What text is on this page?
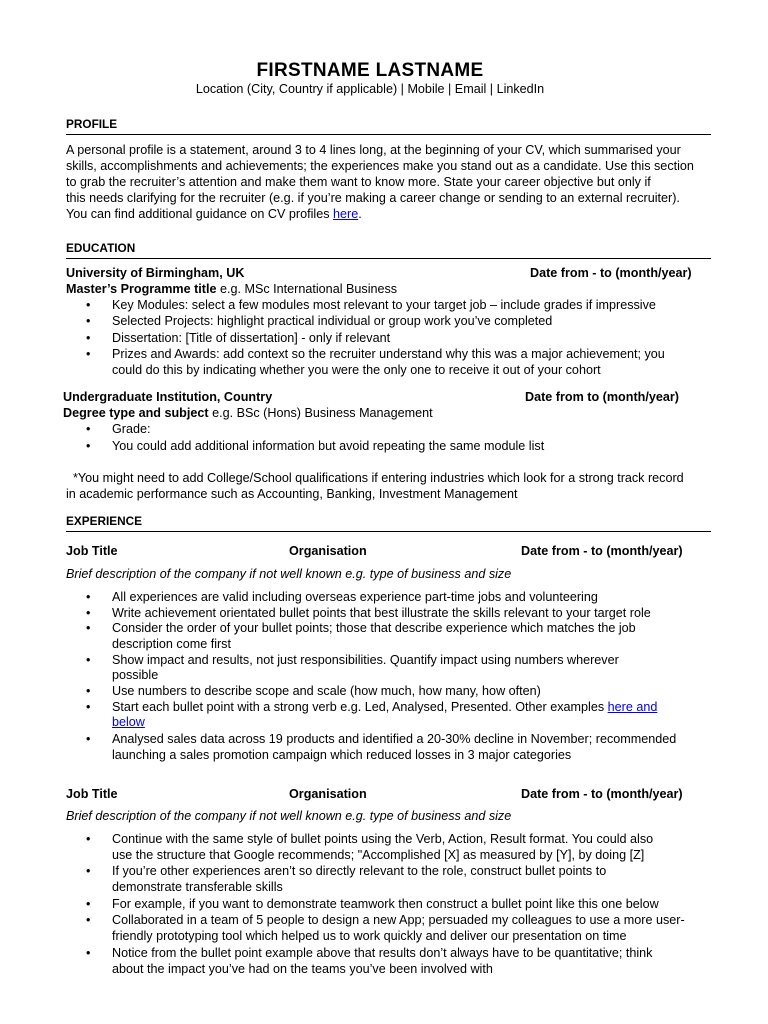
FIRSTNAME LASTNAME
Location (City, Country if applicable) | Mobile | Email | LinkedIn
PROFILE
A personal profile is a statement, around 3 to 4 lines long, at the beginning of your CV, which summarised your
skills, accomplishments and achievements; the experiences make you stand out as a candidate. Use this section
to grab the recruiter’s attention and make them want to know more. State your career objective but only if
this needs clarifying for the recruiter (e.g. if you’re making a career change or sending to an external recruiter).
You can find additional guidance on CV profiles here.
EDUCATION
University of Birmingham, UK	Date from - to (month/year)
Master’s Programme title e.g. MSc International Business
• Key Modules: select a few modules most relevant to your target job – include grades if impressive
• Selected Projects: highlight practical individual or group work you’ve completed
• Dissertation: [Title of dissertation] - only if relevant
• Prizes and Awards: add context so the recruiter understand why this was a major achievement; you
could do this by indicating whether you were the only one to receive it out of your cohort
Undergraduate Institution, Country	Date from to (month/year)
Degree type and subject e.g. BSc (Hons) Business Management
• Grade:
• You could add additional information but avoid repeating the same module list
*You might need to add College/School qualifications if entering industries which look for a strong track record
in academic performance such as Accounting, Banking, Investment Management
EXPERIENCE
Job Title	Organisation	Date from - to (month/year)
Brief description of the company if not well known e.g. type of business and size
• All experiences are valid including overseas experience part-time jobs and volunteering
• Write achievement orientated bullet points that best illustrate the skills relevant to your target role
• Consider the order of your bullet points; those that describe experience which matches the job
description come first
• Show impact and results, not just responsibilities. Quantify impact using numbers wherever
possible
• Use numbers to describe scope and scale (how much, how many, how often)
• Start each bullet point with a strong verb e.g. Led, Analysed, Presented. Other examples here and
below
• Analysed sales data across 19 products and identified a 20-30% decline in November; recommended
launching a sales promotion campaign which reduced losses in 3 major categories
Job Title	Organisation	Date from - to (month/year)
Brief description of the company if not well known e.g. type of business and size
• Continue with the same style of bullet points using the Verb, Action, Result format. You could also
use the structure that Google recommends; "Accomplished [X] as measured by [Y], by doing [Z]
• If you’re other experiences aren’t so directly relevant to the role, construct bullet points to
demonstrate transferable skills
• For example, if you want to demonstrate teamwork then construct a bullet point like this one below
• Collaborated in a team of 5 people to design a new App; persuaded my colleagues to use a more user-
friendly prototyping tool which helped us to work quickly and deliver our presentation on time
• Notice from the bullet point example above that results don’t always have to be quantitative; think
about the impact you’ve had on the teams you’ve been involved with
